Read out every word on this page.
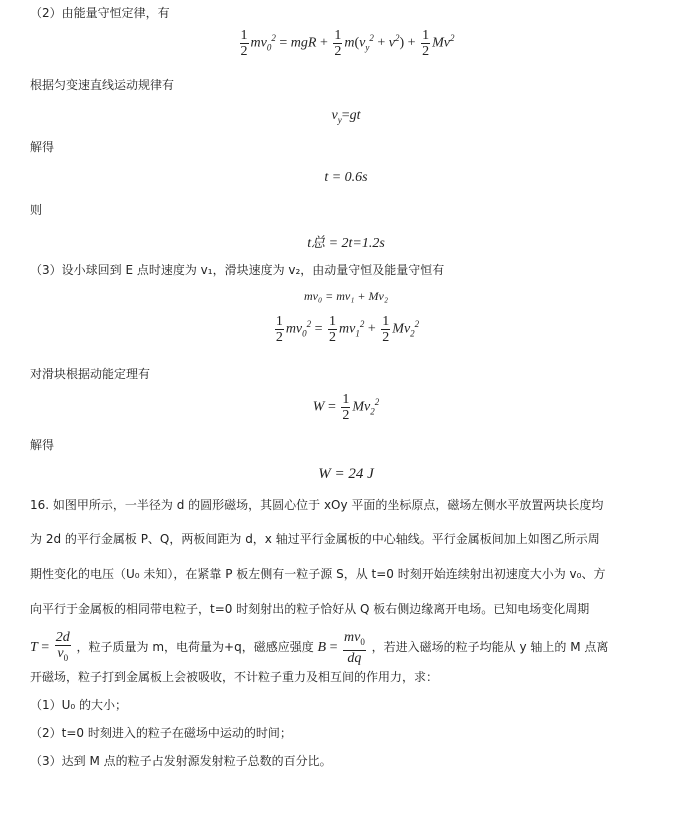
（2）由能量守恒定律，有
$\frac{1}{2} mv_0^2$ = mgR + $\frac{1}{2} m(v_y^2 + v^2) + \frac{1}{2} Mv^2$
根据匀变速直线运动规律有
$v_y=gt$
解得
t = 0.6s
则
t总 = 2t=1.2s
（3）设小球回到 E 点时速度为 v₁，滑块速度为 v₂，由动量守恒及能量守恒有
mv₀ = mv₁ + Mv₂
$\frac{1}{2} mv_0^2 = \frac{1}{2} mv_1^2 + \frac{1}{2} Mv_2^2$
对滑块根据动能定理有
$W = \frac{1}{2} Mv_2^2$
解得
W = 24 J
16. 如图甲所示，一半径为 d 的圆形磁场，其圆心位于 xOy 平面的坐标原点，磁场左侧水平放置两块长度均
为 2d 的平行金属板 P、Q，两板间距为 d，x 轴过平行金属板的中心轴线。平行金属板间加上如图乙所示周
期性变化的电压（U₀ 未知），在紧靠 P 板左侧有一粒子源 S，从 t=0 时刻开始连续射出初速度大小为 v₀、方
向平行于金属板的相同带电粒子，t=0 时刻射出的粒子恰好从 Q 板右侧边缘离开电场。已知电场变化周期
$T = \frac{2d}{v_0}$ ，粒子质量为 m，电荷量为+q，磁感应强度 $B = \frac{mv_0}{dq}$ ，若进入磁场的粒子均能从 y 轴上的 M 点离
开磁场，粒子打到金属板上会被吸收，不计粒子重力及相互间的作用力，求：
（1）U₀ 的大小；
（2）t=0 时刻进入的粒子在磁场中运动的时间；
（3）达到 M 点的粒子占发射源发射粒子总数的百分比。
